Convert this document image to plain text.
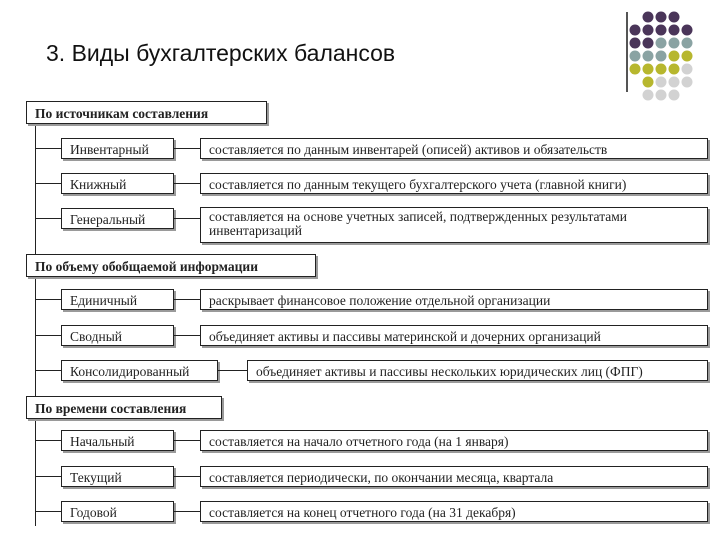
3. Виды бухгалтерских балансов
По источникам составления
Инвентарный	составляется по данным инвентарей (описей) активов и обязательств
Книжный	составляется по данным текущего бухгалтерского учета (главной книги)
Генеральный	составляется на основе учетных записей, подтвержденных результатами инвентаризаций
По объему обобщаемой информации
Единичный	раскрывает финансовое положение отдельной организации
Сводный	объединяет активы и пассивы материнской и дочерних организаций
Консолидированный	объединяет активы и пассивы нескольких юридических лиц (ФПГ)
По времени составления
Начальный	составляется на начало отчетного года (на 1 января)
Текущий	составляется периодически, по окончании месяца, квартала
Годовой	составляется на конец отчетного года (на 31 декабря)
